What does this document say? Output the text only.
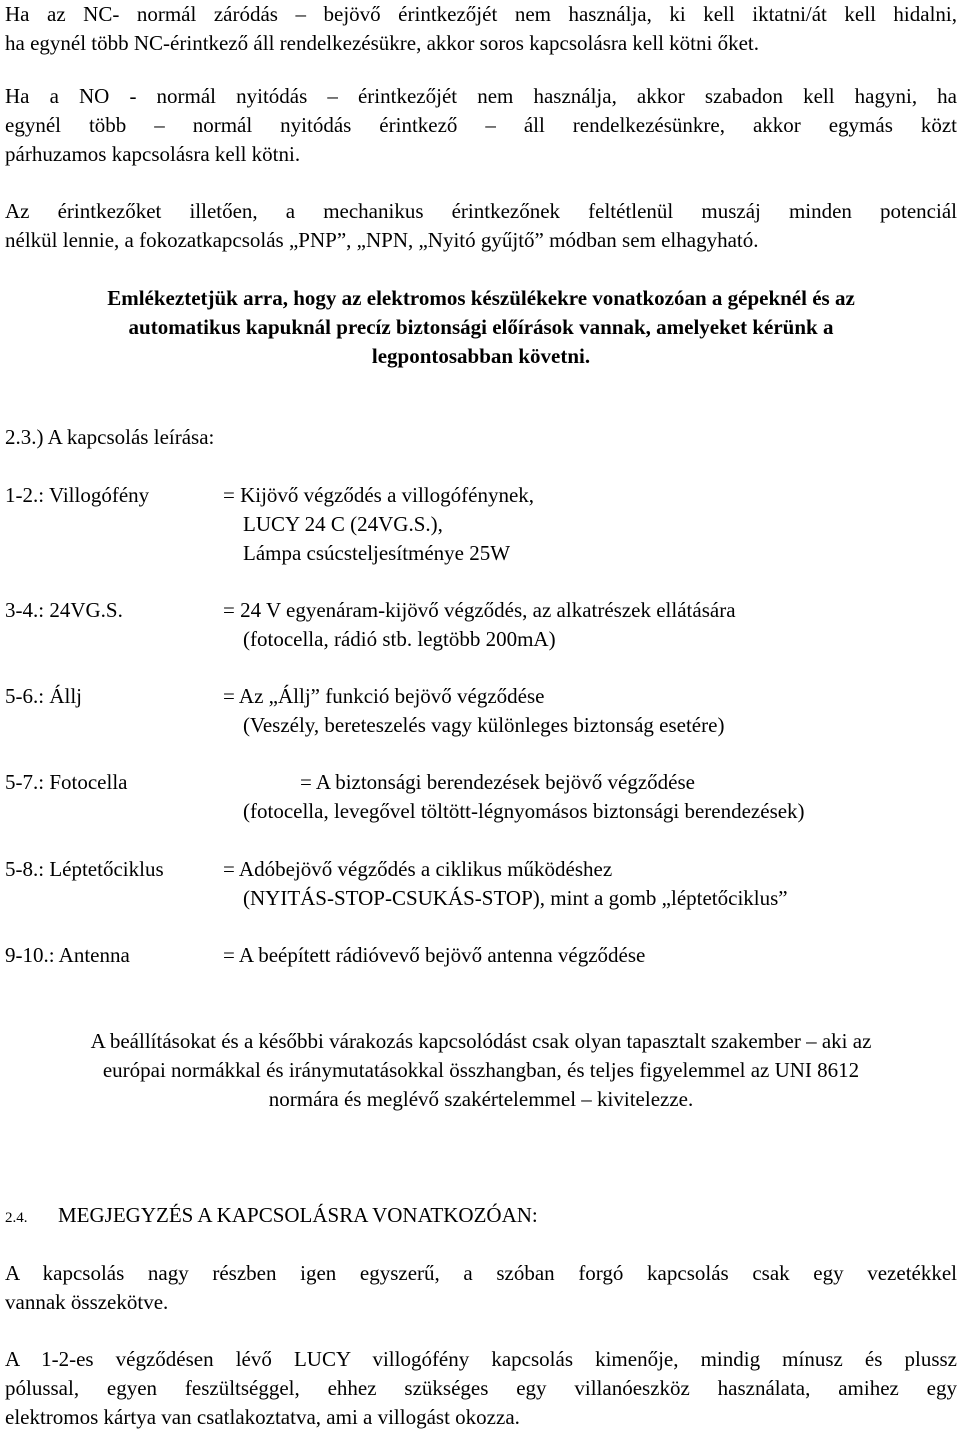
Ha az NC- normál záródás – bejövő érintkezőjét nem használja, ki kell iktatni/át kell hidalni,
ha egynél több NC-érintkező áll rendelkezésükre, akkor soros kapcsolásra kell kötni őket.
Ha a NO - normál nyitódás – érintkezőjét nem használja, akkor szabadon kell hagyni, ha
egynél több – normál nyitódás érintkező – áll rendelkezésünkre, akkor egymás közt
párhuzamos kapcsolásra kell kötni.
Az érintkezőket illetően, a mechanikus érintkezőnek feltétlenül muszáj minden potenciál
nélkül lennie, a fokozatkapcsolás „PNP”, „NPN, „Nyitó gyűjtő” módban sem elhagyható.
Emlékeztetjük arra, hogy az elektromos készülékekre vonatkozóan a gépeknél és az
automatikus kapuknál precíz biztonsági előírások vannak, amelyeket kérünk a
legpontosabban követni.
2.3.) A kapcsolás leírása:
1-2.: Villogófény	= Kijövő végződés a villogófénynek,
LUCY 24 C (24VG.S.),
Lámpa csúcsteljesítménye 25W
3-4.: 24VG.S.	= 24 V egyenáram-kijövő végződés, az alkatrészek ellátására
(fotocella, rádió stb. legtöbb 200mA)
5-6.: Állj	= Az „Állj” funkció bejövő végződése
(Veszély, bereteszelés vagy különleges biztonság esetére)
5-7.: Fotocella	= A biztonsági berendezések bejövő végződése
(fotocella, levegővel töltött-légnyomásos biztonsági berendezések)
5-8.: Léptetőciklus	= Adóbejövő végződés a ciklikus működéshez
(NYITÁS-STOP-CSUKÁS-STOP), mint a gomb „léptetőciklus”
9-10.: Antenna	= A beépített rádióvevő bejövő antenna végződése
A beállításokat és a későbbi várakozás kapcsolódást csak olyan tapasztalt szakember – aki az
európai normákkal és iránymutatásokkal összhangban, és teljes figyelemmel az UNI 8612
normára és meglévő szakértelemmel – kivitelezze.
2.4. MEGJEGYZÉS A KAPCSOLÁSRA VONATKOZÓAN:
A kapcsolás nagy részben igen egyszerű, a szóban forgó kapcsolás csak egy vezetékkel
vannak összekötve.
A 1-2-es végződésen lévő LUCY villogófény kapcsolás kimenője, mindig mínusz és plussz
pólussal, egyen feszültséggel, ehhez szükséges egy villanóeszköz használata, amihez egy
elektromos kártya van csatlakoztatva, ami a villogást okozza.
